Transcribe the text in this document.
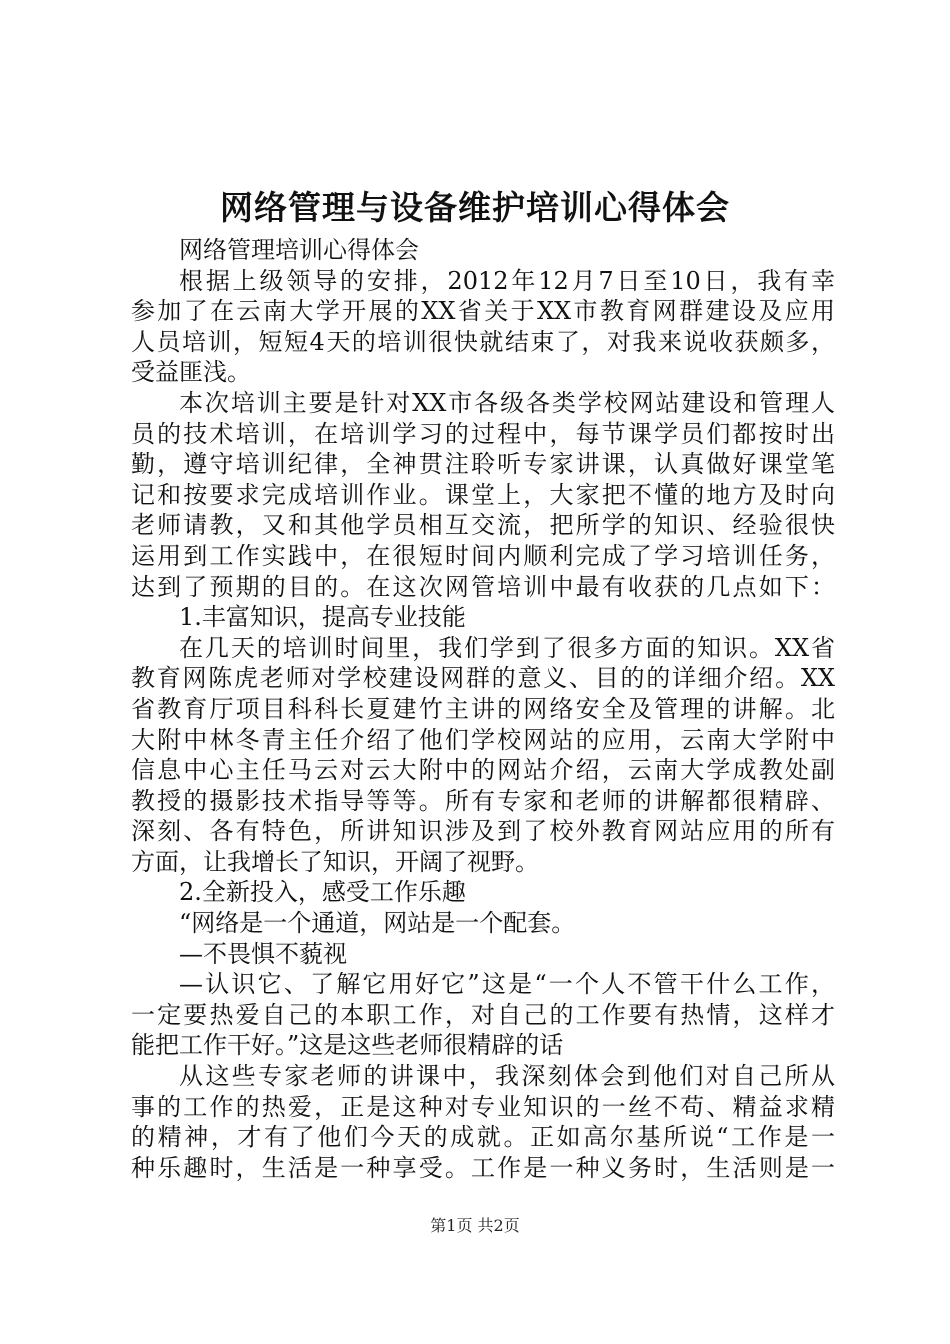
网络管理与设备维护培训心得体会
网络管理培训心得体会
根据上级领导的安排，2012年12月7日至10日，我有幸
参加了在云南大学开展的XX省关于XX市教育网群建设及应用
人员培训，短短4天的培训很快就结束了，对我来说收获颇多，
受益匪浅。
本次培训主要是针对XX市各级各类学校网站建设和管理人
员的技术培训，在培训学习的过程中，每节课学员们都按时出
勤，遵守培训纪律，全神贯注聆听专家讲课，认真做好课堂笔
记和按要求完成培训作业。课堂上，大家把不懂的地方及时向
老师请教，又和其他学员相互交流，把所学的知识、经验很快
运用到工作实践中，在很短时间内顺利完成了学习培训任务，
达到了预期的目的。在这次网管培训中最有收获的几点如下：
1.丰富知识，提高专业技能
在几天的培训时间里，我们学到了很多方面的知识。XX省
教育网陈虎老师对学校建设网群的意义、目的的详细介绍。XX
省教育厅项目科科长夏建竹主讲的网络安全及管理的讲解。北
大附中林冬青主任介绍了他们学校网站的应用，云南大学附中
信息中心主任马云对云大附中的网站介绍，云南大学成教处副
教授的摄影技术指导等等。所有专家和老师的讲解都很精辟、
深刻、各有特色，所讲知识涉及到了校外教育网站应用的所有
方面，让我增长了知识，开阔了视野。
2.全新投入，感受工作乐趣
“网络是一个通道，网站是一个配套。
—不畏惧不藐视
—认识它、了解它用好它”这是“一个人不管干什么工作，
一定要热爱自己的本职工作，对自己的工作要有热情，这样才
能把工作干好。”这是这些老师很精辟的话
从这些专家老师的讲课中，我深刻体会到他们对自己所从
事的工作的热爱，正是这种对专业知识的一丝不苟、精益求精
的精神，才有了他们今天的成就。正如高尔基所说“工作是一
种乐趣时，生活是一种享受。工作是一种义务时，生活则是一
第1页 共2页
